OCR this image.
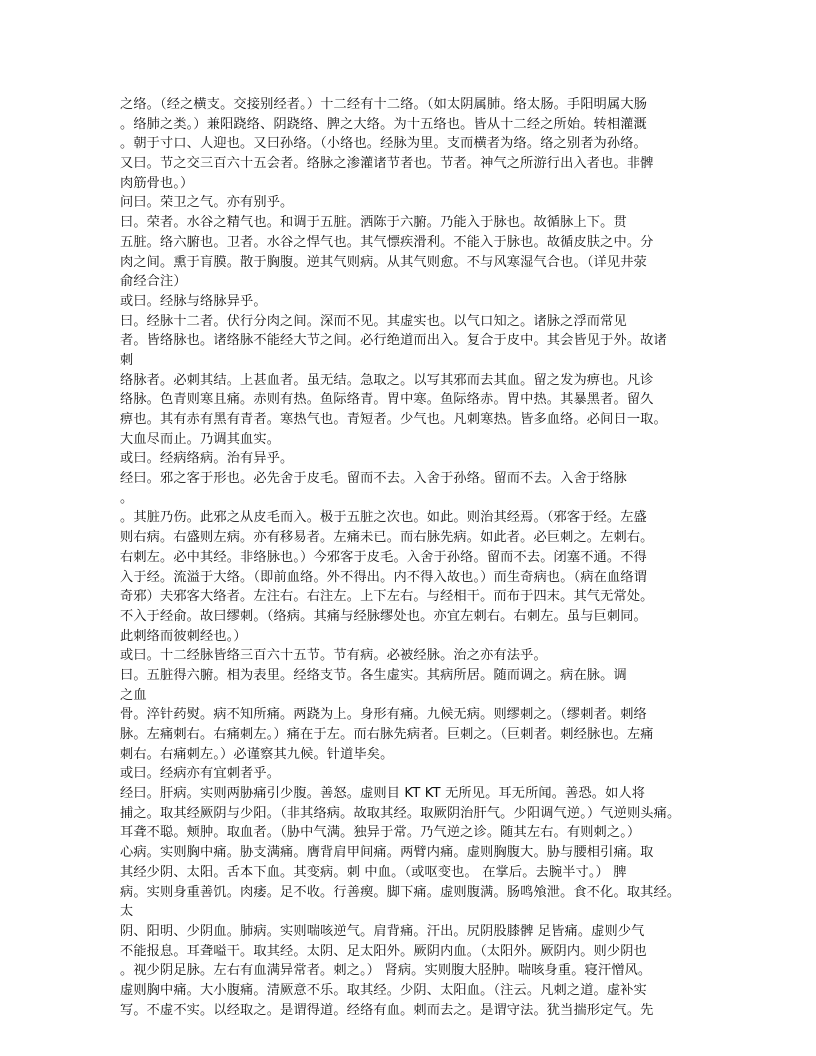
之络。（经之横支。交接别经者。）十二经有十二络。（如太阴属肺。络太肠。手阳明属大肠
。络肺之类。）兼阳跷络、阴跷络、脾之大络。为十五络也。皆从十二经之所始。转相灌溉
。朝于寸口、人迎也。又曰孙络。（小络也。经脉为里。支而横者为络。络之别者为孙络。
又曰。节之交三百六十五会者。络脉之渗灌诸节者也。节者。神气之所游行出入者也。非髀
肉筋骨也。）
问曰。荣卫之气。亦有别乎。
曰。荣者。水谷之精气也。和调于五脏。洒陈于六腑。乃能入于脉也。故循脉上下。贯
五脏。络六腑也。卫者。水谷之悍气也。其气慓疾滑利。不能入于脉也。故循皮肤之中。分
肉之间。熏于肓膜。散于胸腹。逆其气则病。从其气则愈。不与风寒湿气合也。（详见井荥
俞经合注）
或曰。经脉与络脉异乎。
曰。经脉十二者。伏行分肉之间。深而不见。其虚实也。以气口知之。诸脉之浮而常见
者。皆络脉也。诸络脉不能经大节之间。必行绝道而出入。复合于皮中。其会皆见于外。故诸
刺
络脉者。必刺其结。上甚血者。虽无结。急取之。以写其邪而去其血。留之发为痹也。凡诊
络脉。色青则寒且痛。赤则有热。鱼际络青。胃中寒。鱼际络赤。胃中热。其暴黑者。留久
痹也。其有赤有黑有青者。寒热气也。青短者。少气也。凡刺寒热。皆多血络。必间日一取。
大血尽而止。乃调其血实。
或曰。经病络病。治有异乎。
经曰。邪之客于形也。必先舍于皮毛。留而不去。入舍于孙络。留而不去。入舍于络脉
。
。其脏乃伤。此邪之从皮毛而入。极于五脏之次也。如此。则治其经焉。（邪客于经。左盛
则右病。右盛则左病。亦有移易者。左痛未已。而右脉先病。如此者。必巨刺之。左刺右。
右刺左。必中其经。非络脉也。）今邪客于皮毛。入舍于孙络。留而不去。闭塞不通。不得
入于经。流溢于大络。（即前血络。外不得出。内不得入故也。）而生奇病也。（病在血络谓
奇邪）夫邪客大络者。左注右。右注左。上下左右。与经相干。而布于四末。其气无常处。
不入于经俞。故曰缪刺。（络病。其痛与经脉缪处也。亦宜左刺右。右刺左。虽与巨刺同。
此刺络而彼刺经也。）
或曰。十二经脉皆络三百六十五节。节有病。必被经脉。治之亦有法乎。
曰。五脏得六腑。相为表里。经络支节。各生虚实。其病所居。随而调之。病在脉。调
之血
骨。淬针药熨。病不知所痛。两跷为上。身形有痛。九候无病。则缪刺之。（缪刺者。刺络
脉。左痛刺右。右痛刺左。）痛在于左。而右脉先病者。巨刺之。（巨刺者。刺经脉也。左痛
刺右。右痛刺左。）必谨察其九候。针道毕矣。
或曰。经病亦有宜刺者乎。
经曰。肝病。实则两胁痛引少腹。善怒。虚则目 KT KT 无所见。耳无所闻。善恐。如人将
捕之。取其经厥阴与少阳。（非其络病。故取其经。取厥阴治肝气。少阳调气逆。）气逆则头痛。
耳聋不聪。颊肿。取血者。（胁中气满。独异于常。乃气逆之诊。随其左右。有则刺之。）
心病。实则胸中痛。胁支满痛。膺背肩甲间痛。两臂内痛。虚则胸腹大。胁与腰相引痛。取
其经少阴、太阳。舌本下血。其变病。刺 中血。（或呕变也。 在掌后。去腕半寸。） 脾
病。实则身重善饥。肉痿。足不收。行善瘈。脚下痛。虚则腹满。肠鸣飧泄。食不化。取其经。
太
阴、阳明、少阴血。肺病。实则喘咳逆气。肩背痛。汗出。尻阴股膝髀 足皆痛。虚则少气
不能报息。耳聋嗌干。取其经。太阴、足太阳外。厥阴内血。（太阳外。厥阴内。则少阴也
。视少阴足脉。左右有血满异常者。刺之。） 肾病。实则腹大胫肿。喘咳身重。寝汗憎风。
虚则胸中痛。大小腹痛。清厥意不乐。取其经。少阴、太阳血。（注云。凡刺之道。虚补实
写。不虚不实。以经取之。是谓得道。经络有血。刺而去之。是谓守法。犹当揣形定气。先
